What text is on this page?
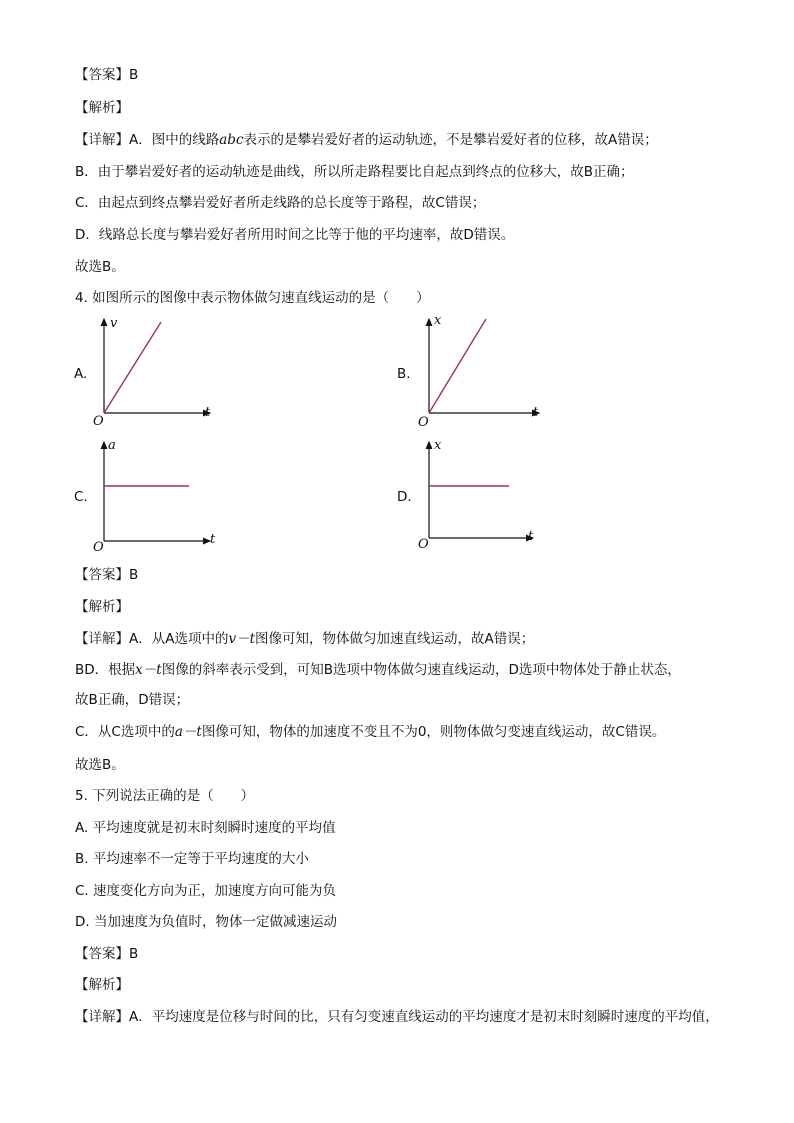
【答案】B
【解析】
【详解】A．图中的线路abc表示的是攀岩爱好者的运动轨迹，不是攀岩爱好者的位移，故A错误；
B．由于攀岩爱好者的运动轨迹是曲线，所以所走路程要比自起点到终点的位移大，故B正确；
C．由起点到终点攀岩爱好者所走线路的总长度等于路程，故C错误；
D．线路总长度与攀岩爱好者所用时间之比等于他的平均速率，故D错误。
故选B。
4. 如图所示的图像中表示物体做匀速直线运动的是（　　）
A.
v
t
O
B.
x
t
O
C.
a
t
O
D.
x
t
O
【答案】B
【解析】
【详解】A．从A选项中的v－t图像可知，物体做匀加速直线运动，故A错误；
BD．根据x－t图像的斜率表示受到，可知B选项中物体做匀速直线运动，D选项中物体处于静止状态，
故B正确，D错误；
C．从C选项中的a－t图像可知，物体的加速度不变且不为0，则物体做匀变速直线运动，故C错误。
故选B。
5. 下列说法正确的是（　　）
A. 平均速度就是初末时刻瞬时速度的平均值
B. 平均速率不一定等于平均速度的大小
C. 速度变化方向为正，加速度方向可能为负
D. 当加速度为负值时，物体一定做减速运动
【答案】B
【解析】
【详解】A．平均速度是位移与时间的比，只有匀变速直线运动的平均速度才是初末时刻瞬时速度的平均值，
